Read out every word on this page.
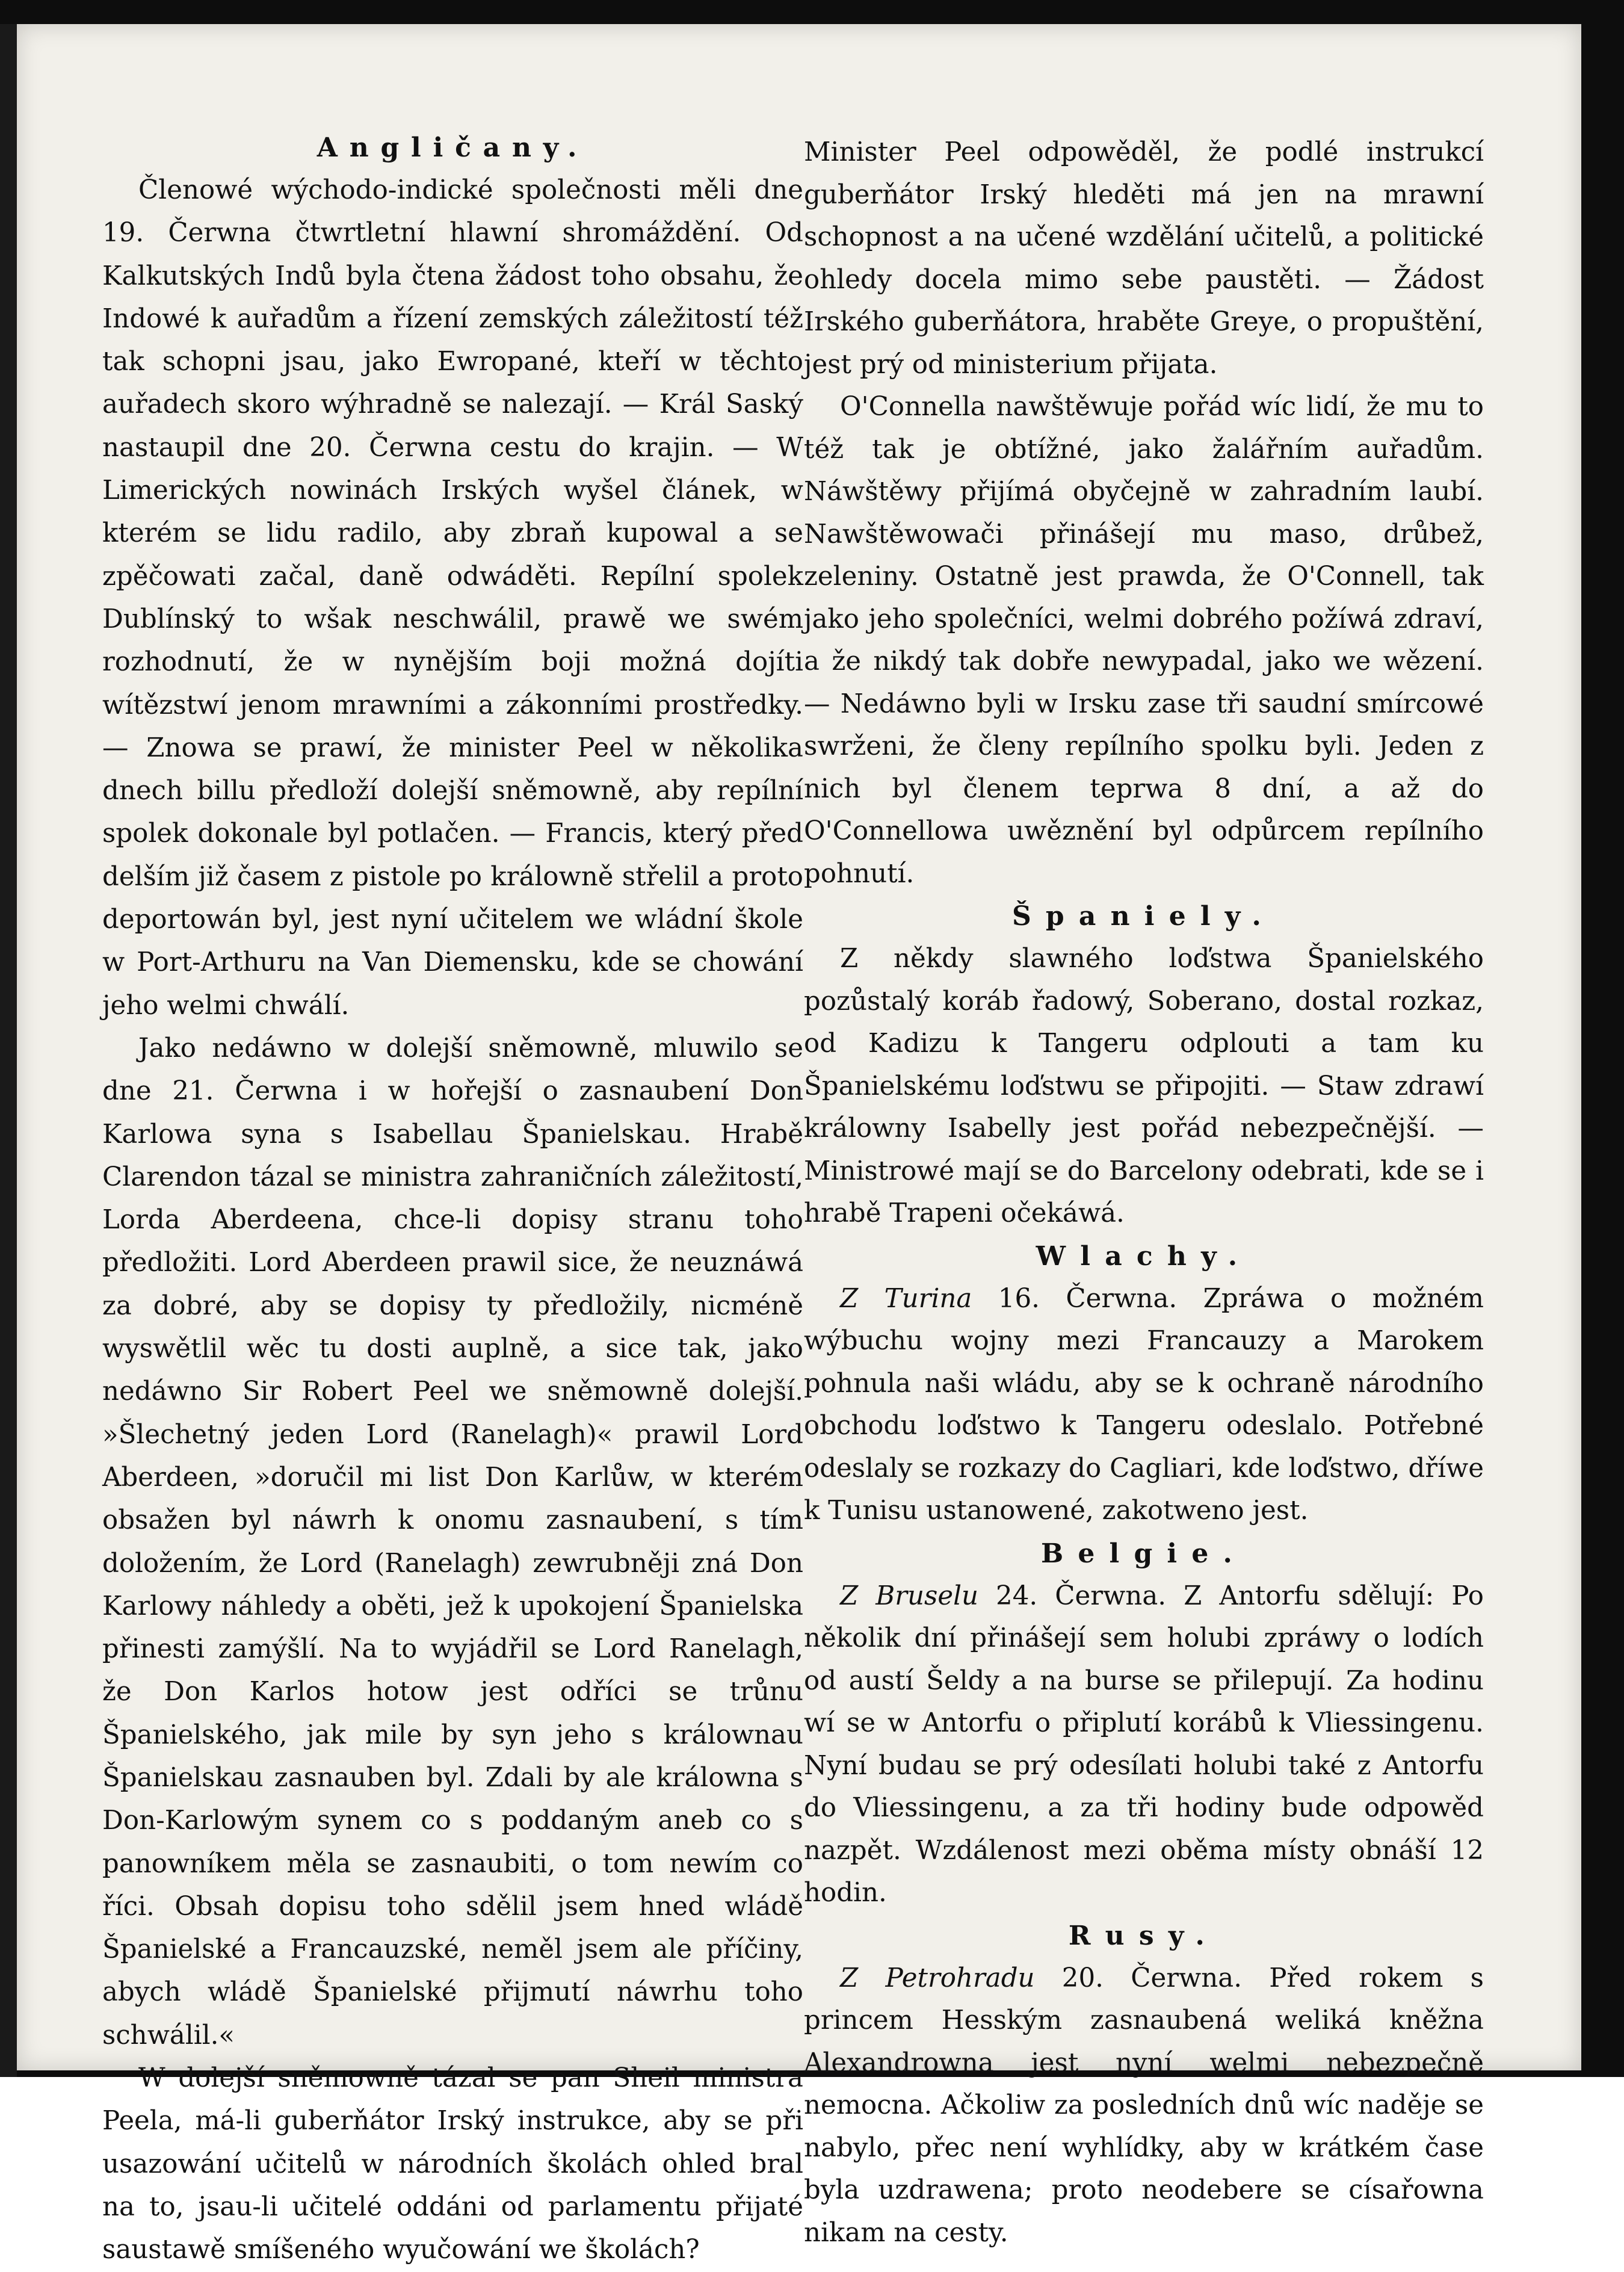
Angličany.

Členowé wýchodo-indické společnosti měli dne 19. Čerwna čtwrtletní hlawní shromáždění. Od Kalkutských Indů byla čtena žádost toho obsahu, že Indowé k auřadům a řízení zemských záležitostí též tak schopni jsau, jako Ewropané, kteří w těchto auřadech skoro wýhradně se nalezají. — Král Saský nastaupil dne 20. Čerwna cestu do krajin. — W Limerických nowinách Irských wyšel článek, w kterém se lidu radilo, aby zbraň kupowal a se zpěčowati začal, daně odwáděti. Repílní spolek Dublínský to wšak neschwálil, prawě we swém rozhodnutí, že w nynějším boji možná dojíti wítězstwí jenom mrawními a zákonními prostředky. — Znowa se prawí, že minister Peel w několika dnech billu předloží dolejší sněmowně, aby repílní spolek dokonale byl potlačen. — Francis, který před delším již časem z pistole po králowně střelil a proto deportowán byl, jest nyní učitelem we wládní škole w Port-Arthuru na Van Diemensku, kde se chowání jeho welmi chwálí.

Jako nedáwno w dolejší sněmowně, mluwilo se dne 21. Čerwna i w hořejší o zasnaubení Don Karlowa syna s Isabellau Španielskau. Hrabě Clarendon tázal se ministra zahraničních záležitostí, Lorda Aberdeena, chce-li dopisy stranu toho předložiti. Lord Aberdeen prawil sice, že neuznáwá za dobré, aby se dopisy ty předložily, nicméně wyswětlil wěc tu dosti auplně, a sice tak, jako nedáwno Sir Robert Peel we sněmowně dolejší. »Šlechetný jeden Lord (Ranelagh)« prawil Lord Aberdeen, »doručil mi list Don Karlůw, w kterém obsažen byl náwrh k onomu zasnaubení, s tím doložením, že Lord (Ranelagh) zewrubněji zná Don Karlowy náhledy a oběti, jež k upokojení Španielska přinesti zamýšlí. Na to wyjádřil se Lord Ranelagh, že Don Karlos hotow jest odříci se trůnu Španielského, jak mile by syn jeho s králownau Španielskau zasnauben byl. Zdali by ale králowna s Don-Karlowým synem co s poddaným aneb co s panowníkem měla se zasnaubiti, o tom newím co říci. Obsah dopisu toho sdělil jsem hned wládě Španielské a Francauzské, neměl jsem ale příčiny, abych wládě Španielské přijmutí náwrhu toho schwálil.«

W dolejší sněmowně tázal se pan Sheil ministra Peela, má-li guberňátor Irský instrukce, aby se při usazowání učitelů w národních školách ohled bral na to, jsau-li učitelé oddáni od parlamentu přijaté saustawě smíšeného wyučowání we školách?

Minister Peel odpowěděl, že podlé instrukcí guberňátor Irský hleděti má jen na mrawní schopnost a na učené wzdělání učitelů, a politické ohledy docela mimo sebe paustěti. — Žádost Irského guberňátora, hraběte Greye, o propuštění, jest prý od ministerium přijata.

O'Connella nawštěwuje pořád wíc lidí, že mu to též tak je obtížné, jako žalářním auřadům. Náwštěwy přijímá obyčejně w zahradním laubí. Nawštěwowači přinášejí mu maso, drůbež, zeleniny. Ostatně jest prawda, že O'Connell, tak jako jeho společníci, welmi dobrého požíwá zdraví, a že nikdý tak dobře newypadal, jako we wězení. — Nedáwno byli w Irsku zase tři saudní smírcowé swrženi, že členy repílního spolku byli. Jeden z nich byl členem teprwa 8 dní, a až do O'Connellowa uwěznění byl odpůrcem repílního pohnutí.

Španiely.

Z někdy slawného loďstwa Španielského pozůstalý koráb řadowý, Soberano, dostal rozkaz, od Kadizu k Tangeru odplouti a tam ku Španielskému loďstwu se připojiti. — Staw zdrawí králowny Isabelly jest pořád nebezpečnější. — Ministrowé mají se do Barcelony odebrati, kde se i hrabě Trapeni očekáwá.

Wlachy.

Z Turina 16. Čerwna. Zpráwa o možném wýbuchu wojny mezi Francauzy a Marokem pohnula naši wládu, aby se k ochraně národního obchodu loďstwo k Tangeru odeslalo. Potřebné odeslaly se rozkazy do Cagliari, kde loďstwo, dříwe k Tunisu ustanowené, zakotweno jest.

Belgie.

Z Bruselu 24. Čerwna. Z Antorfu sdělují: Po několik dní přinášejí sem holubi zpráwy o lodích od austí Šeldy a na burse se přilepují. Za hodinu wí se w Antorfu o připlutí korábů k Vliessingenu. Nyní budau se prý odesílati holubi také z Antorfu do Vliessingenu, a za tři hodiny bude odpowěd nazpět. Wzdálenost mezi oběma místy obnáší 12 hodin.

Rusy.

Z Petrohradu 20. Čerwna. Před rokem s princem Hesským zasnaubená weliká kněžna Alexandrowna jest nyní welmi nebezpečně nemocna. Ačkoliw za posledních dnů wíc naděje se nabylo, přec není wyhlídky, aby w krátkém čase byla uzdrawena; proto neodebere se císařowna nikam na cesty.
